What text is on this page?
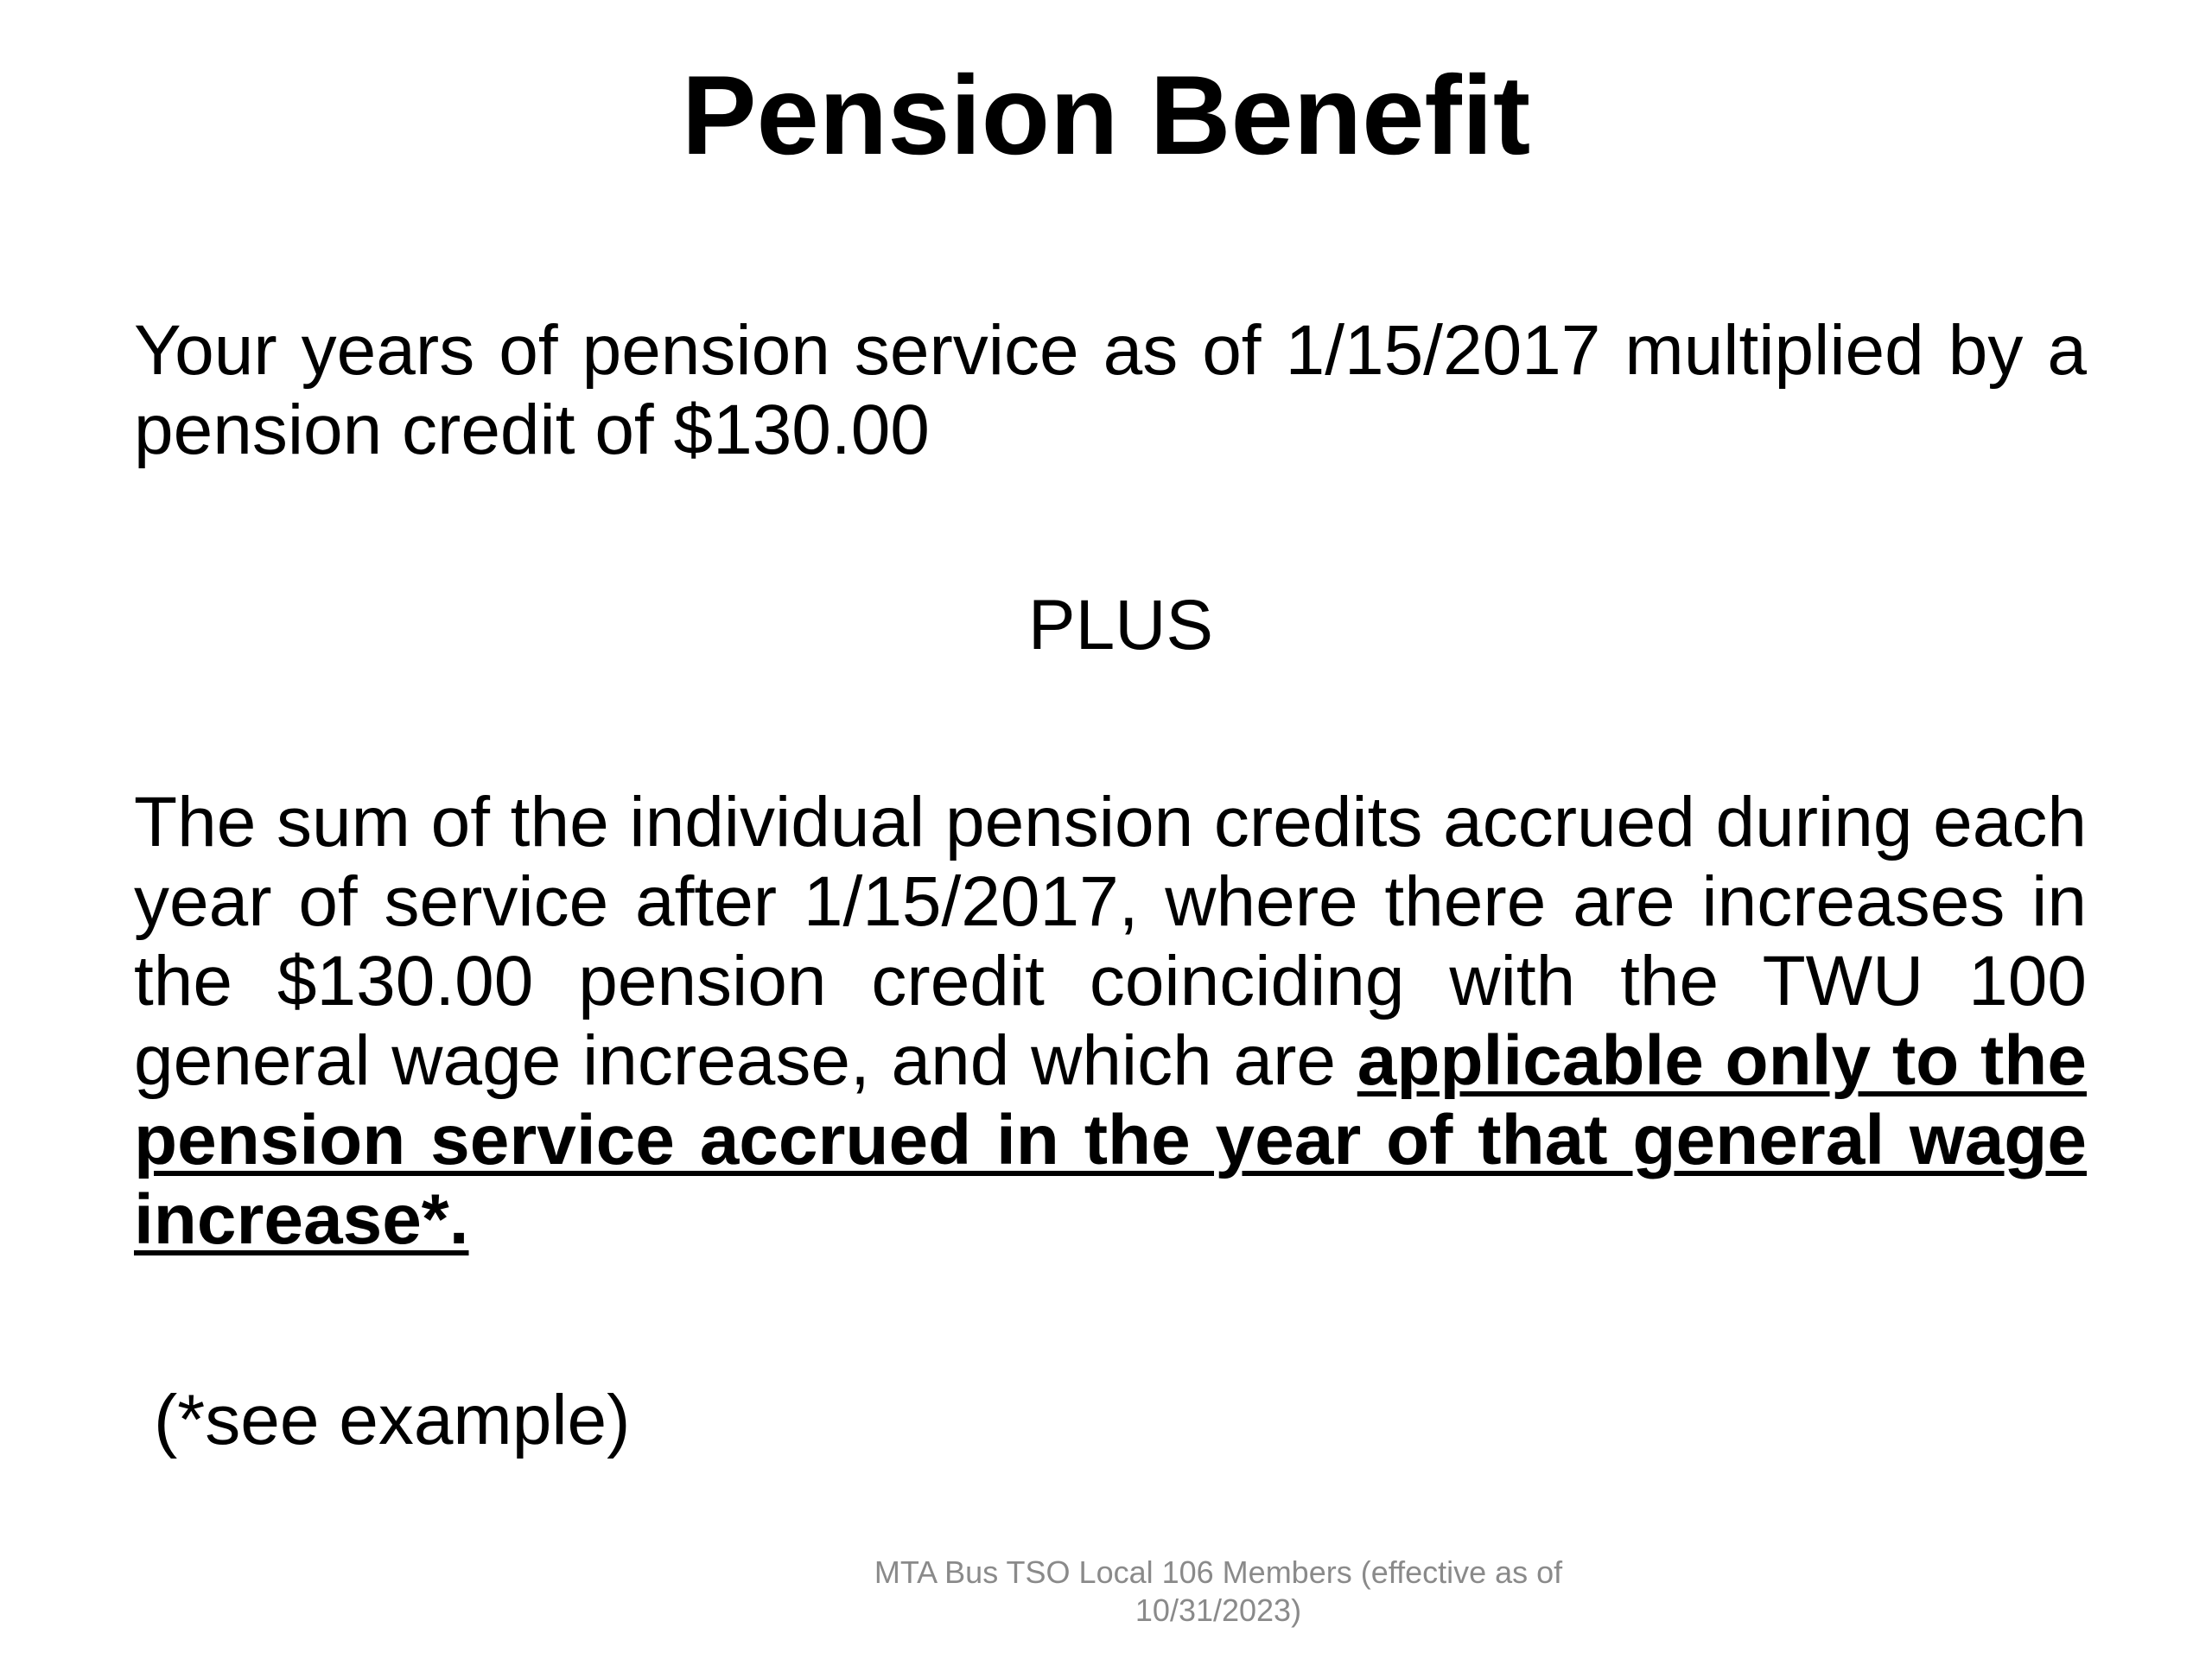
Pension Benefit
Your years of pension service as of 1/15/2017 multiplied by a pension credit of $130.00
PLUS
The sum of the individual pension credits accrued during each year of service after 1/15/2017, where there are increases in the $130.00 pension credit coinciding with the TWU 100 general wage increase, and which are applicable only to the pension service accrued in the year of that general wage increase*.
(*see example)
MTA Bus TSO Local 106 Members (effective as of
10/31/2023)
